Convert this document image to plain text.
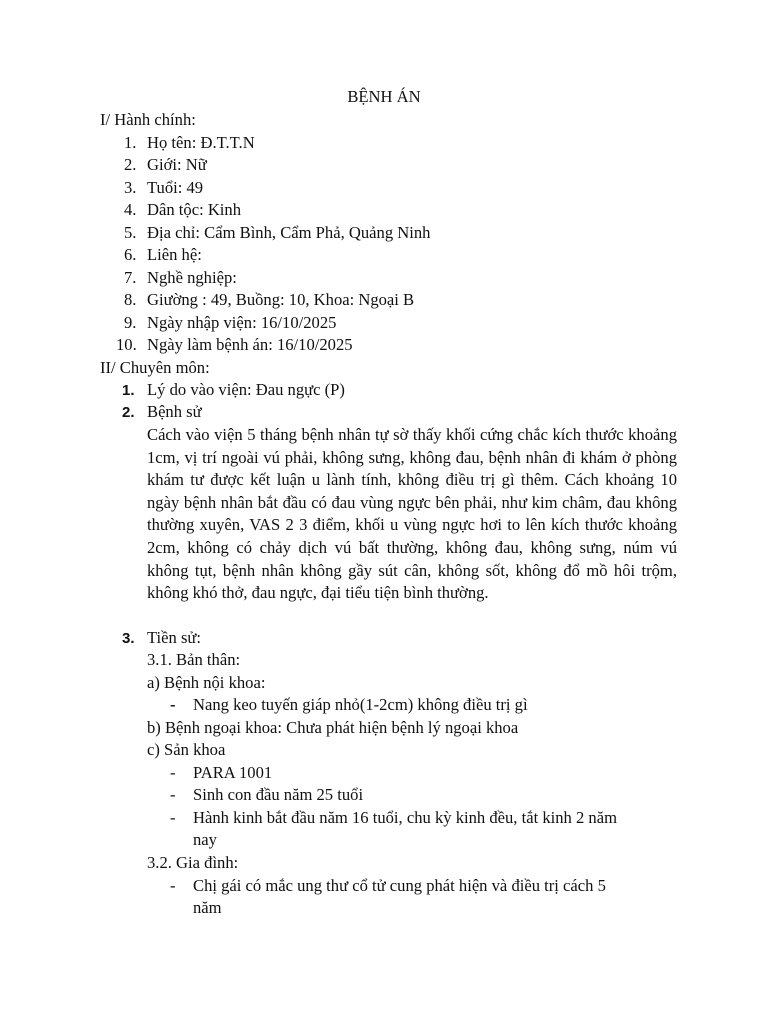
BỆNH ÁN
I/ Hành chính:
1. Họ tên: Đ.T.T.N
2. Giới: Nữ
3. Tuổi: 49
4. Dân tộc: Kinh
5. Địa chỉ: Cẩm Bình, Cẩm Phả, Quảng Ninh
6. Liên hệ:
7. Nghề nghiệp:
8. Giường : 49, Buồng: 10, Khoa: Ngoại B
9. Ngày nhập viện: 16/10/2025
10. Ngày làm bệnh án: 16/10/2025
II/ Chuyên môn:
1. Lý do vào viện: Đau ngực (P)
2. Bệnh sử
Cách vào viện 5 tháng bệnh nhân tự sờ thấy khối cứng chắc kích thước khoảng 1cm, vị trí ngoài vú phải, không sưng, không đau, bệnh nhân đi khám ở phòng khám tư được kết luận u lành tính, không điều trị gì thêm. Cách khoảng 10 ngày bệnh nhân bắt đầu có đau vùng ngực bên phải, như kim châm, đau không thường xuyên, VAS 2 3 điểm, khối u vùng ngực hơi to lên kích thước khoảng 2cm, không có chảy dịch vú bất thường, không đau, không sưng, núm vú không tụt, bệnh nhân không gầy sút cân, không sốt, không đổ mồ hôi trộm, không khó thở, đau ngực, đại tiểu tiện bình thường.
3. Tiền sử:
3.1. Bản thân:
a) Bệnh nội khoa:
- Nang keo tuyến giáp nhỏ(1-2cm) không điều trị gì
b) Bệnh ngoại khoa: Chưa phát hiện bệnh lý ngoại khoa
c) Sản khoa
- PARA 1001
- Sinh con đầu năm 25 tuổi
- Hành kinh bắt đầu năm 16 tuổi, chu kỳ kinh đều, tắt kinh 2 năm
nay
3.2. Gia đình:
- Chị gái có mắc ung thư cổ tử cung phát hiện và điều trị cách 5
năm
